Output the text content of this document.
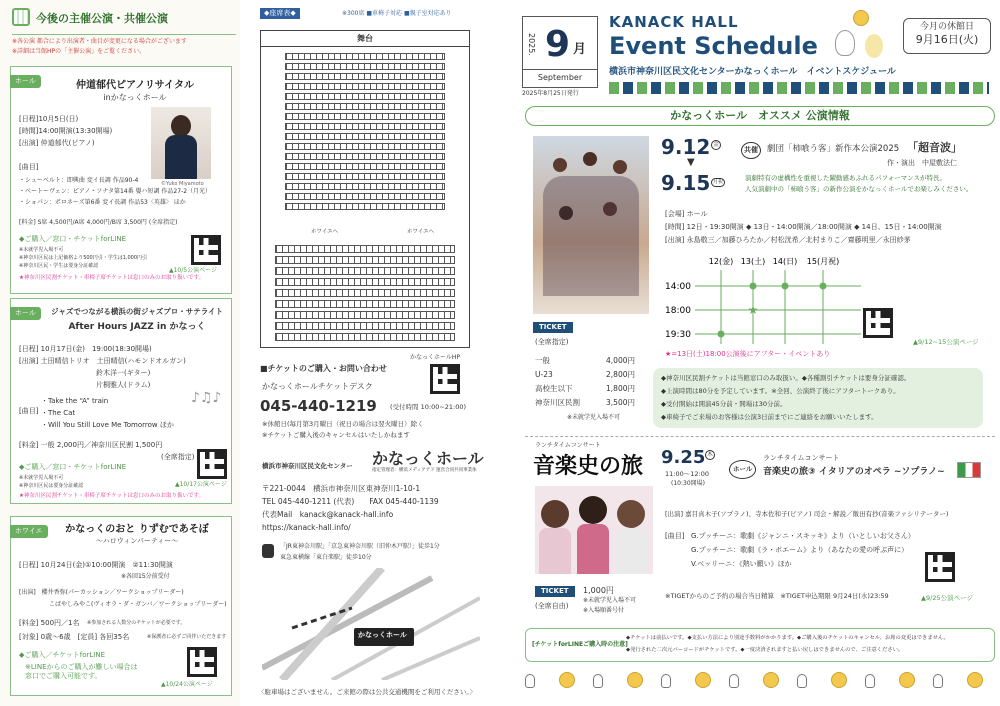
今後の主催公演・共催公演
※各公演 都合により出演者・曲目が変更になる場合がございます
※詳細は当館HPの「主催公演」をご覧ください。
ホール	仲道郁代ピアノリサイタル
inかなっくホール
©Yuko Miyamoto
[日程]10月5日(日)
[時間]14:00開演(13:30開場)
[出演] 仲道郁代(ピアノ)
[曲目]
・シューベルト：即興曲 変イ長調 作品90-4
・ベートーヴェン：ピアノ・ソナタ第14番 嬰ハ短調 作品27-2（月光）
・ショパン：ポロネーズ第6番 変イ長調 作品53〈英雄〉 ほか
[料金] S席 4,500円/A席 4,000円/B席 3,500円 (全席指定)
◆ご購入／窓口・チケットforLINE
※未就学児入場不可
※神奈川区民は上記価格より500円引・学生は1,000円引
※神奈川区民・学生は要身分証確認
★神奈川区民割チケット・車椅子席チケットは窓口のみのお取り扱いです。
▲10/5公演ページ
ホール	ジャズでつながる横浜の街ジャズプロ・サテライト
After Hours JAZZ in かなっく
[日程] 10月17日(金)　19:00(18:30開場)
[出演] 土田晴信トリオ　土田晴信(ハモンドオルガン)
　　　　　　　　　　　鈴木洋一(ギター)
　　　　　　　　　　　片桐雅人(ドラム)
[曲目]
・Take the “A” train
・The Cat
・Will You Still Love Me Tomorrow ほか
♪♫♪
[料金] 一般 2,000円／神奈川区民割 1,500円
(全席指定)
◆ご購入／窓口・チケットforLINE
※未就学児入場不可
※神奈川区民は要身分証確認
★神奈川区民割チケット・車椅子席チケットは窓口のみのお取り扱いです。
▲10/17公演ページ
ホワイエ	かなっくのおと りずむであそぼ
～ハロウィンパーティー～
[日程] 10月24日(金)①10:00開演　②11:30開演
※各回15分前受付
[出演]　櫻井香弥(パーカッション／ワークショップリーダー)
　　　　　こばやしみやこ(ヴィオラ・ダ・ガンバ／ワークショップリーダー)
[料金] 500円／1名 ※参加される人数分のチケットが必要です。
[対象] 0歳～6歳　[定員] 各回35名	※保護者に必ずご同伴いただきます
◆ご購入／チケットforLINE
※LINEからのご購入が難しい場合は
窓口でご購入可能です。
▲10/24公演ページ
◆座席表◆	※300席 ■車椅子対応 ■親子室対応あり
舞台
ホワイエへ	ホワイエへ
かなっくホールHP
■チケットのご購入・お問い合わせ
かなっくホールチケットデスク
045-440-1219 (受付時間 10:00~21:00)
※休館日(毎月第3月曜日（祝日の場合は翌火曜日）除く
※チケットご購入後のキャンセルはいたしかねます
横浜市神奈川区民文化センター かなっくホール
指定管理者：横浜メディアアド 運営合同共同事業体
〒221-0044　横浜市神奈川区東神奈川1-10-1
TEL 045-440-1211 (代表)　　FAX 045-440-1139
代表Mail　kanack@kanack-hall.info
https://kanack-hall.info/
「JR東神奈川駅」「京急東神奈川駅（旧仲木戸駅）」徒歩1分
東急東横線「東白楽駅」徒歩10分
かなっくホール
〈駐車場はございません。ご来館の際は公共交通機関をご利用ください。〉
2025. 9 月
September
2025年8月25日発行
KANACK HALL
Event Schedule
横浜市神奈川区民文化センターかなっくホール　イベントスケジュール
今月の休館日
9月16日(火)
かなっくホール　オススメ 公演情報
9.12 金
▼
9.15 月祝
共催	劇団「柿喰う客」新作本公演2025 「超音波」
作・演出　中屋敷法仁
演劇特有の虚構性を重視した躍動感あふれるパフォーマンスが特長。
人気演劇中の「柿喰う客」の新作公演をかなっくホールでお楽しみください。
[会場] ホール
[時間] 12日・19:30開演 ◆ 13日・14:00開演／18:00開演 ◆ 14日、15日・14:00開演
[出演] 永島敬三／加藤ひろたか／村松洸希／北村まりこ／齋藤明里／永田紗茅
12(金) 13(土) 14(日) 15(月祝)
14:00
18:00
19:30
★
★=13日(土)18:00公演後にアフター・イベントあり
▲9/12~15公演ページ
TICKET
(全席指定)
一般	4,000円
U-23	2,800円
高校生以下	1,800円
神奈川区民割	3,500円
※未就学児入場不可
◆神奈川区民割チケットは当館窓口のみ取扱い。◆各種割引チケットは要身分証確認。
◆上演時間は80分を予定しています。※全回、公演終了後にアフタートークあり。
◆受付開始は開演45分前・開場は30分前。
◆車椅子でご来場のお客様は公演3日前までにご連絡をお願いいたします。
ランチタイムコンサート
音楽史の旅 9.25 木
11:00～12:00
(10:30開場)
ホール
ランチタイムコンサート
音楽史の旅③ イタリアのオペラ ~ソプラノ~
[出演] 嘉目真木子(ソプラノ)、寺本佐和子(ピアノ) 司会・解説／飯田有抄(音楽ファシリテーター)
[曲目] G.プッチーニ：歌劇《ジャンニ・スキッキ》より（いとしいお父さん）
G.プッチーニ：歌劇《ラ・ボエーム》より（あなたの愛の呼ぶ声に）
V.ベッリーニ：《熱い願い》ほか
▲9/25公演ページ
TICKET	1,000円
(全席自由)
※未就学児入場不可
※入場順番号付
※TIGETからのご予約の場合当日精算　※TIGET申込期限 9月24日(水)23:59
[チケットforLINEご購入時の注意]
◆チケットは前払いです。◆支払い方法により別途手数料がかかります。◆ご購入後のチケットのキャンセル、お席の変更はできません。
◆発行された二次元バーコードがチケットです。◆一度決済されますと払い戻しはできませんので、ご注意ください。
